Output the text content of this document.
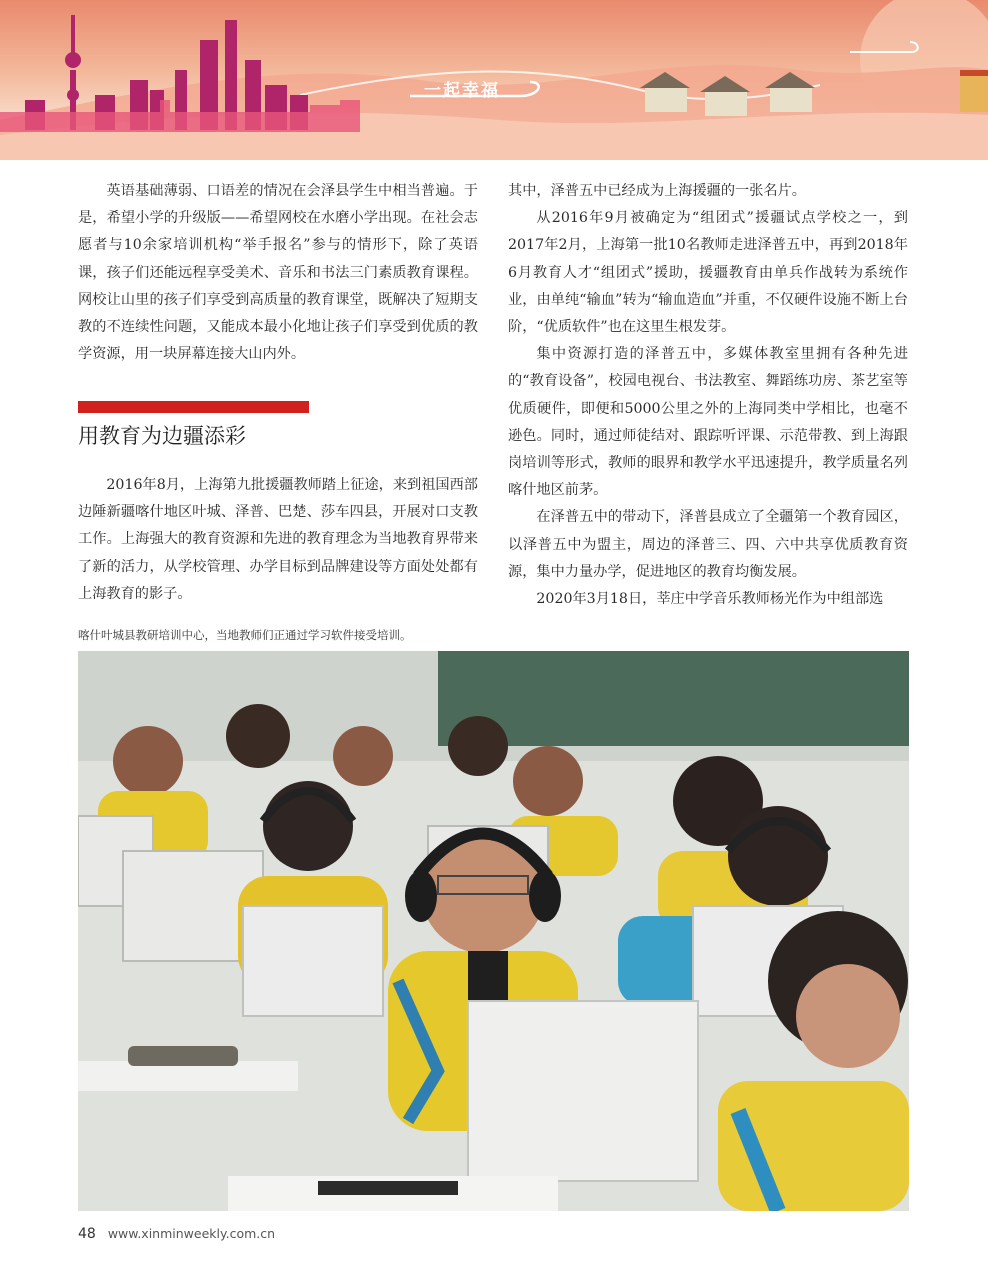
一起幸福

英语基础薄弱、口语差的情况在会泽县学生中相当普遍。于是，希望小学的升级版——希望网校在水磨小学出现。在社会志愿者与10余家培训机构“举手报名”参与的情形下，除了英语课，孩子们还能远程享受美术、音乐和书法三门素质教育课程。网校让山里的孩子们享受到高质量的教育课堂，既解决了短期支教的不连续性问题，又能成本最小化地让孩子们享受到优质的教学资源，用一块屏幕连接大山内外。

用教育为边疆添彩

2016年8月，上海第九批援疆教师踏上征途，来到祖国西部边陲新疆喀什地区叶城、泽普、巴楚、莎车四县，开展对口支教工作。上海强大的教育资源和先进的教育理念为当地教育界带来了新的活力，从学校管理、办学目标到品牌建设等方面处处都有上海教育的影子。

其中，泽普五中已经成为上海援疆的一张名片。

从2016年9月被确定为“组团式”援疆试点学校之一，到2017年2月，上海第一批10名教师走进泽普五中，再到2018年6月教育人才“组团式”援助，援疆教育由单兵作战转为系统作业，由单纯“输血”转为“输血造血”并重，不仅硬件设施不断上台阶，“优质软件”也在这里生根发芽。

集中资源打造的泽普五中，多媒体教室里拥有各种先进的“教育设备”，校园电视台、书法教室、舞蹈练功房、茶艺室等优质硬件，即便和5000公里之外的上海同类中学相比，也毫不逊色。同时，通过师徒结对、跟踪听评课、示范带教、到上海跟岗培训等形式，教师的眼界和教学水平迅速提升，教学质量名列喀什地区前茅。

在泽普五中的带动下，泽普县成立了全疆第一个教育园区，以泽普五中为盟主，周边的泽普三、四、六中共享优质教育资源，集中力量办学，促进地区的教育均衡发展。

2020年3月18日，莘庄中学音乐教师杨光作为中组部选

喀什叶城县教研培训中心，当地教师们正通过学习软件接受培训。
48 www.xinminweekly.com.cn
